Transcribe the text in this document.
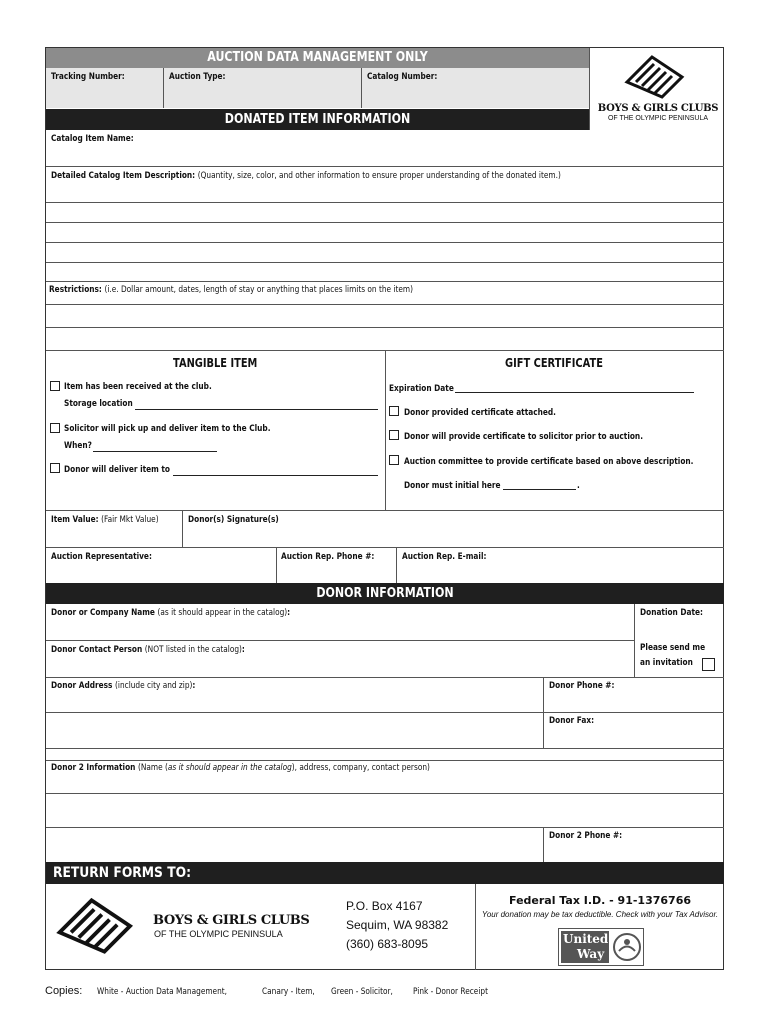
AUCTION DATA MANAGEMENT ONLY
Tracking Number:	Auction Type:	Catalog Number:
BOYS & GIRLS CLUBS
OF THE OLYMPIC PENINSULA
DONATED ITEM INFORMATION
Catalog Item Name:
Detailed Catalog Item Description: (Quantity, size, color, and other information to ensure proper understanding of the donated item.)
Restrictions: (i.e. Dollar amount, dates, length of stay or anything that places limits on the item)
TANGIBLE ITEM	GIFT CERTIFICATE
Item has been received at the club.
Storage location
Solicitor will pick up and deliver item to the Club.
When?
Donor will deliver item to
Expiration Date
Donor provided certificate attached.
Donor will provide certificate to solicitor prior to auction.
Auction committee to provide certificate based on above description.
Donor must initial here	.
Item Value: (Fair Mkt Value)	Donor(s) Signature(s)
Auction Representative:	Auction Rep. Phone #:	Auction Rep. E-mail:
DONOR INFORMATION
Donor or Company Name (as it should appear in the catalog):	Donation Date:
Donor Contact Person (NOT listed in the catalog):	Please send me
an invitation
Donor Address (include city and zip):	Donor Phone #:
Donor Fax:
Donor 2 Information (Name (as it should appear in the catalog), address, company, contact person)
Donor 2 Phone #:
RETURN FORMS TO:
BOYS & GIRLS CLUBS
OF THE OLYMPIC PENINSULA
P.O. Box 4167
Sequim, WA 98382
(360) 683-8095
Federal Tax I.D. - 91-1376766
Your donation may be tax deductible. Check with your Tax Advisor.
United
Way
Copies: White - Auction Data Management,	Canary - Item, Green - Solicitor, Pink - Donor Receipt
